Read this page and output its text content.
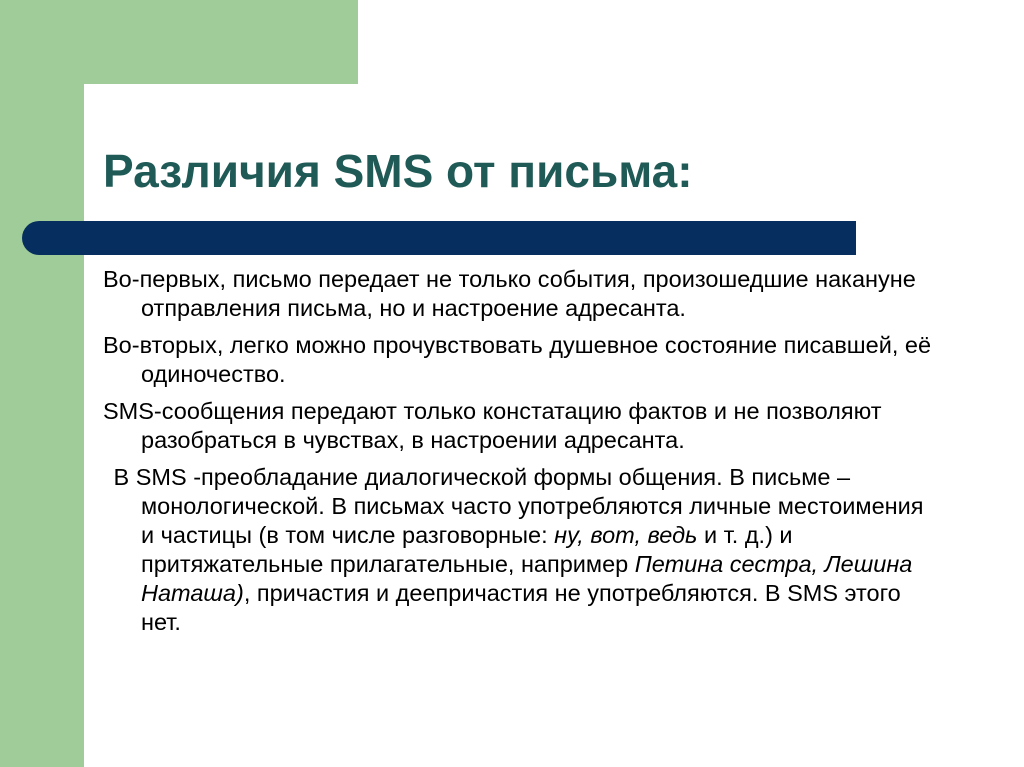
Различия SMS от письма:

Во-первых, письмо передает не только события, произошедшие накануне отправления письма, но и настроение адресанта.

Во-вторых, легко можно прочувствовать душевное состояние писавшей, её одиночество.

SMS-сообщения передают только констатацию фактов и не позволяют разобраться в чувствах, в настроении адресанта.

В SMS -преобладание диалогической формы общения. В письме – монологической. В письмах часто употребляются личные местоимения и частицы (в том числе разговорные: ну, вот, ведь и т. д.) и притяжательные прилагательные, например Петина сестра, Лешина Наташа), причастия и деепричастия не употребляются. В SMS этого нет.
